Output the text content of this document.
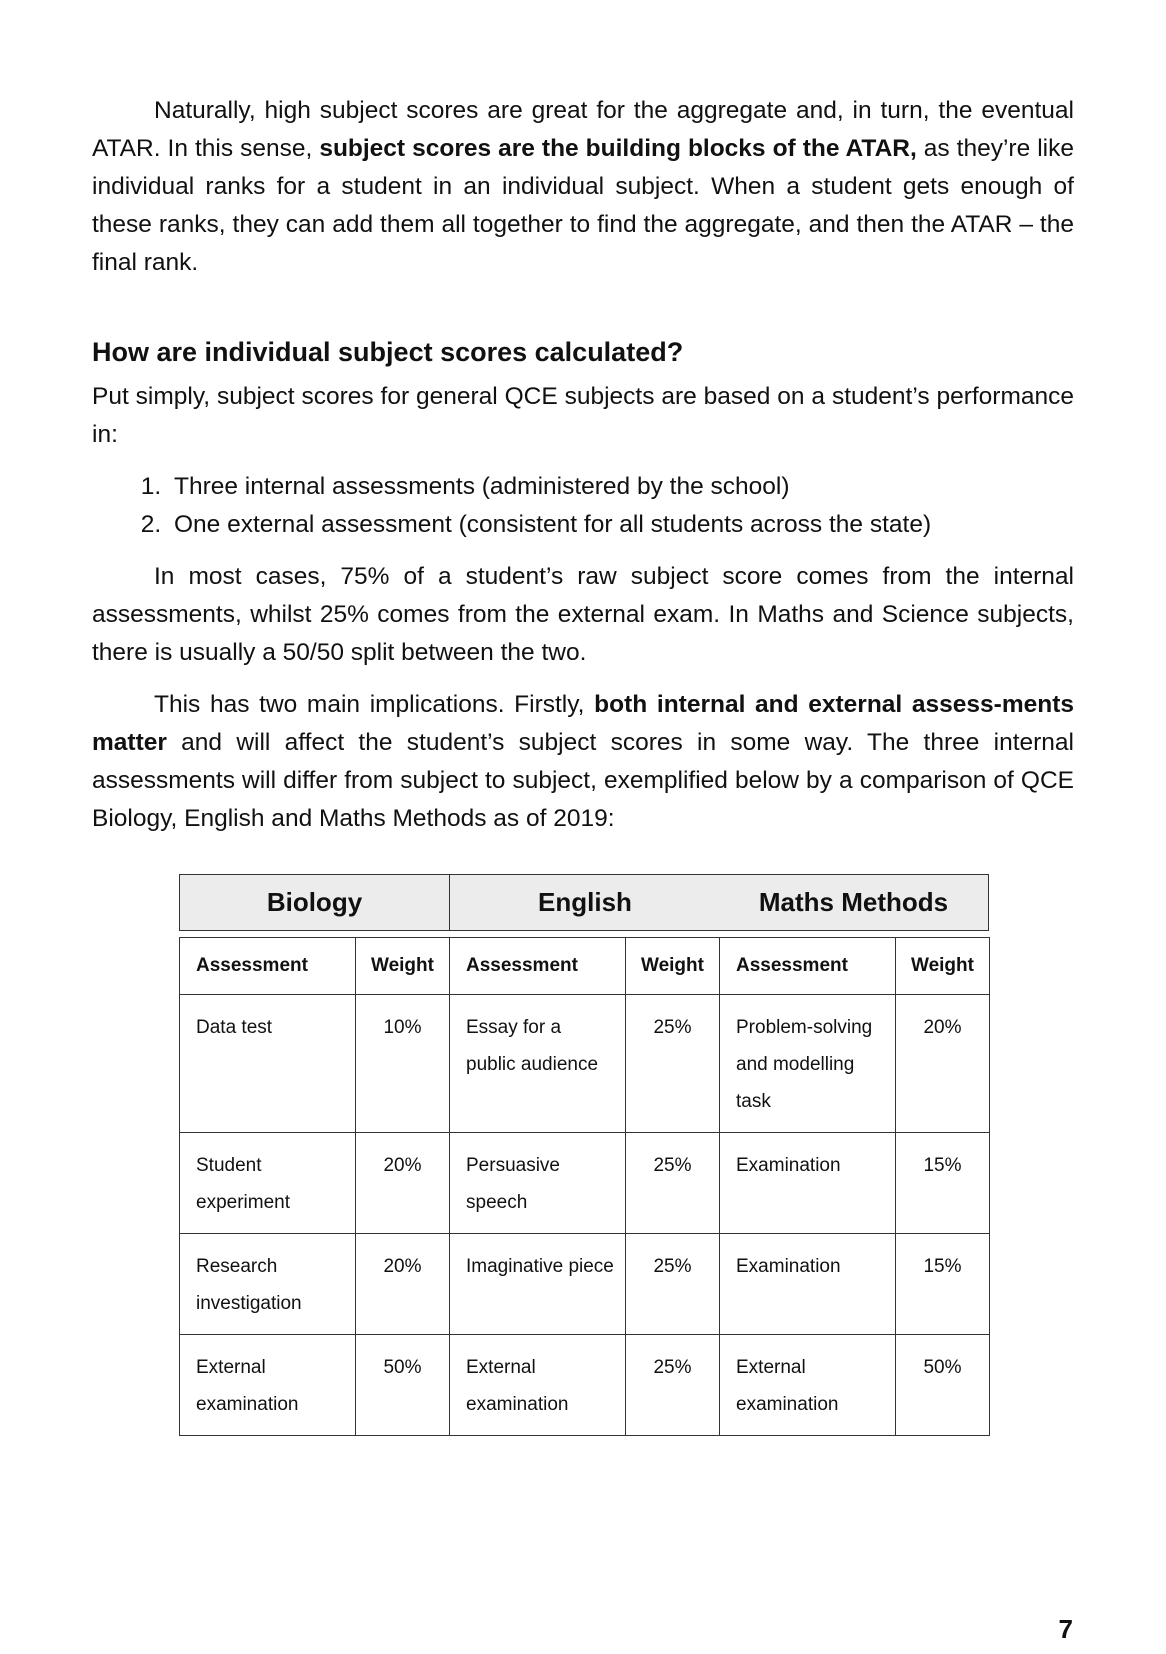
Naturally, high subject scores are great for the aggregate and, in turn, the eventual ATAR. In this sense, subject scores are the building blocks of the ATAR, as they’re like individual ranks for a student in an individual subject. When a student gets enough of these ranks, they can add them all together to find the aggregate, and then the ATAR – the final rank.

How are individual subject scores calculated?

Put simply, subject scores for general QCE subjects are based on a student’s performance in:

1. Three internal assessments (administered by the school)
2. One external assessment (consistent for all students across the state)

In most cases, 75% of a student’s raw subject score comes from the internal assessments, whilst 25% comes from the external exam. In Maths and Science subjects, there is usually a 50/50 split between the two.

This has two main implications. Firstly, both internal and external assess-ments matter and will affect the student’s subject scores in some way. The three internal assessments will differ from subject to subject, exemplified below by a comparison of QCE Biology, English and Maths Methods as of 2019:

Biology	English	Maths Methods
Assessment	Weight	Assessment	Weight	Assessment	Weight
Data test	10%	Essay for a public audience	25%	Problem-solving and modelling task	20%
Student experiment	20%	Persuasive speech	25%	Examination	15%
Research investigation	20%	Imaginative piece	25%	Examination	15%
External examination	50%	External examination	25%	External examination	50%
7
